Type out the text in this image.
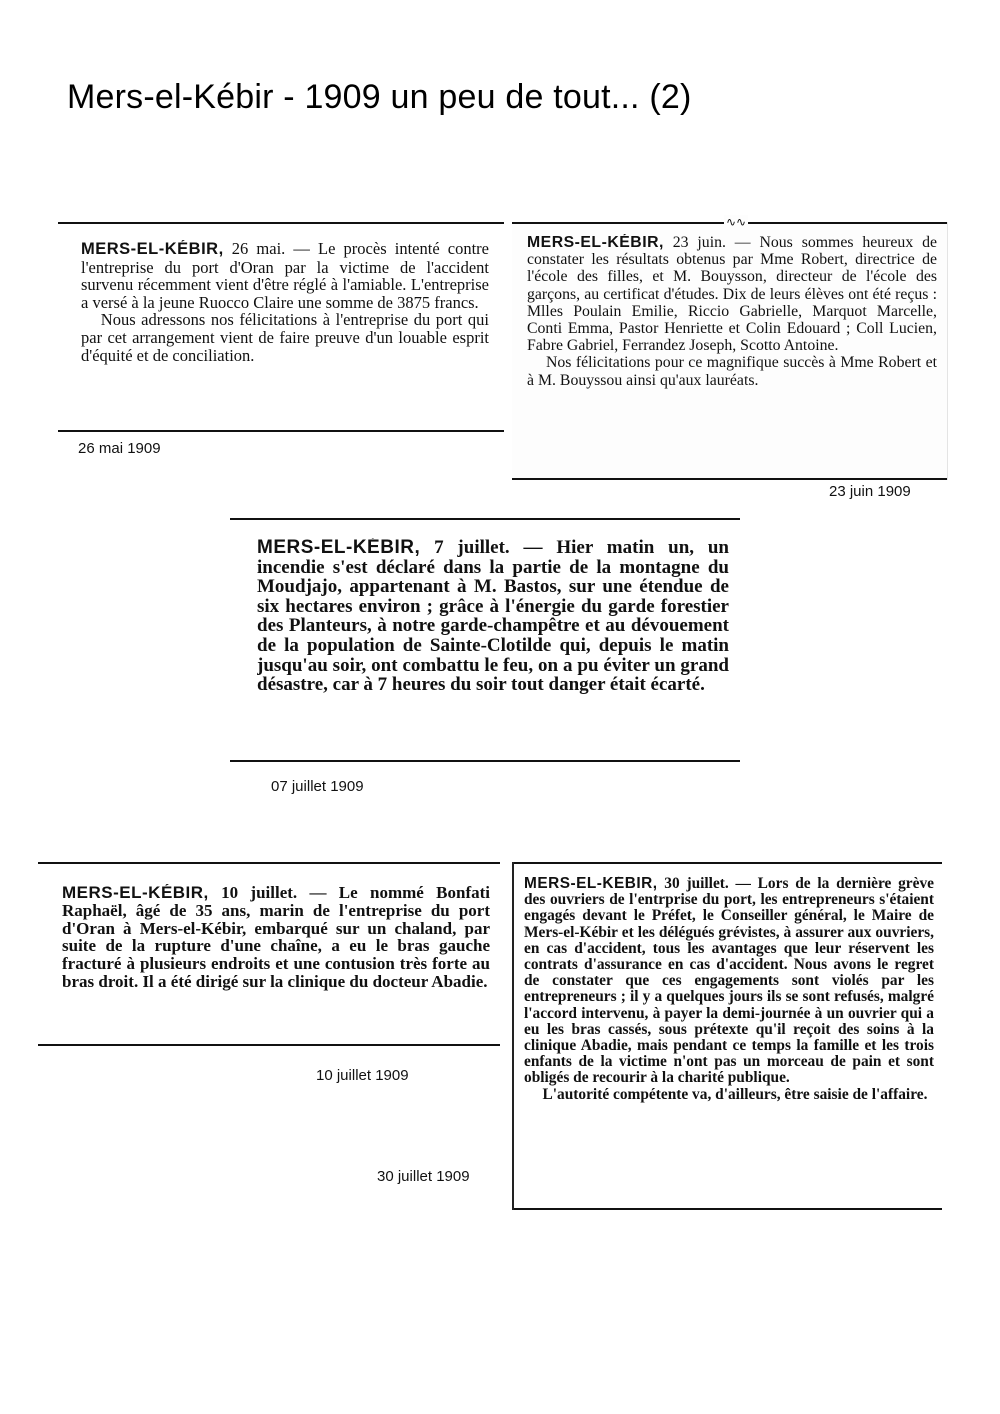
Mers-el-Kébir - 1909 un peu de tout... (2)

MERS-EL-KÉBIR, 26 mai. — Le procès intenté contre l'entreprise du port d'Oran par la victime de l'accident survenu récemment vient d'être réglé à l'amiable. L'entreprise a versé à la jeune Ruocco Claire une somme de 3875 francs.

Nous adressons nos félicitations à l'entreprise du port qui par cet arrangement vient de faire preuve d'un louable esprit d'équité et de conciliation.

26 mai 1909
∿∿

MERS-EL-KÉBIR, 23 juin. — Nous sommes heureux de constater les résultats obtenus par Mme Robert, directrice de l'école des filles, et M. Bouysson, directeur de l'école des garçons, au certificat d'études. Dix de leurs élèves ont été reçus : Mlles Poulain Emilie, Riccio Gabrielle, Marquot Marcelle, Conti Emma, Pastor Henriette et Colin Edouard ; Coll Lucien, Fabre Gabriel, Ferrandez Joseph, Scotto Antoine.

Nos félicitations pour ce magnifique succès à Mme Robert et à M. Bouyssou ainsi qu'aux lauréats.

23 juin 1909

MERS-EL-KÉBIR, 7 juillet. — Hier matin un, un incendie s'est déclaré dans la partie de la montagne du Moudjajo, appartenant à M. Bastos, sur une étendue de six hectares environ ; grâce à l'énergie du garde forestier des Planteurs, à notre garde-champêtre et au dévouement de la population de Sainte-Clotilde qui, depuis le matin jusqu'au soir, ont combattu le feu, on a pu éviter un grand désastre, car à 7 heures du soir tout danger était écarté.

07 juillet 1909

MERS-EL-KÉBIR, 10 juillet. — Le nommé Bonfati Raphaël, âgé de 35 ans, marin de l'entreprise du port d'Oran à Mers-el-Kébir, embarqué sur un chaland, par suite de la rupture d'une chaîne, a eu le bras gauche fracturé à plusieurs endroits et une contusion très forte au bras droit. Il a été dirigé sur la clinique du docteur Abadie.

10 juillet 1909

MERS-EL-KÉBIR, 30 juillet. — Lors de la dernière grève des ouvriers de l'entrprise du port, les entrepreneurs s'étaient engagés devant le Préfet, le Conseiller général, le Maire de Mers-el-Kébir et les délégués grévistes, à assurer aux ouvriers, en cas d'accident, tous les avantages que leur réservent les contrats d'assurance en cas d'accident. Nous avons le regret de constater que ces engagements sont violés par les entrepreneurs ; il y a quelques jours ils se sont refusés, malgré l'accord intervenu, à payer la demi-journée à un ouvrier qui a eu les bras cassés, sous prétexte qu'il reçoit des soins à la clinique Abadie, mais pendant ce temps la famille et les trois enfants de la victime n'ont pas un morceau de pain et sont obligés de recourir à la charité publique.

L'autorité compétente va, d'ailleurs, être saisie de l'affaire.

30 juillet 1909
